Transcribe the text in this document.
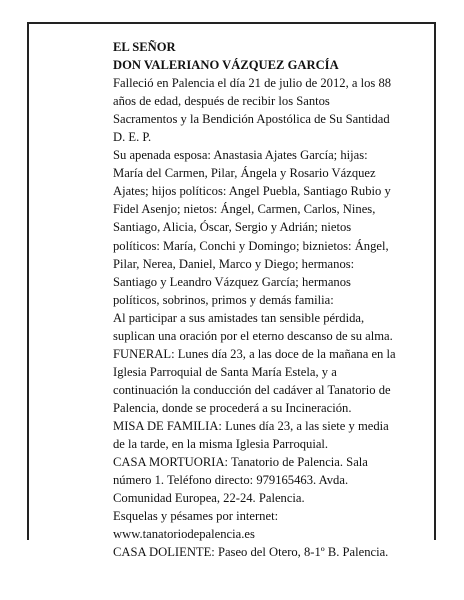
EL SEÑOR
DON VALERIANO VÁZQUEZ GARCÍA
Falleció en Palencia el día 21 de julio de 2012, a los 88
años de edad, después de recibir los Santos
Sacramentos y la Bendición Apostólica de Su Santidad
D. E. P.
Su apenada esposa: Anastasia Ajates García; hijas:
María del Carmen, Pilar, Ángela y Rosario Vázquez
Ajates; hijos políticos: Angel Puebla, Santiago Rubio y
Fidel Asenjo; nietos: Ángel, Carmen, Carlos, Nines,
Santiago, Alicia, Óscar, Sergio y Adrián; nietos
políticos: María, Conchi y Domingo; biznietos: Ángel,
Pilar, Nerea, Daniel, Marco y Diego; hermanos:
Santiago y Leandro Vázquez García; hermanos
políticos, sobrinos, primos y demás familia:
Al participar a sus amistades tan sensible pérdida,
suplican una oración por el eterno descanso de su alma.
FUNERAL: Lunes día 23, a las doce de la mañana en la
Iglesia Parroquial de Santa María Estela, y a
continuación la conducción del cadáver al Tanatorio de
Palencia, donde se procederá a su Incineración.
MISA DE FAMILIA: Lunes día 23, a las siete y media
de la tarde, en la misma Iglesia Parroquial.
CASA MORTUORIA: Tanatorio de Palencia. Sala
número 1. Teléfono directo: 979165463. Avda.
Comunidad Europea, 22-24. Palencia.
Esquelas y pésames por internet:
www.tanatoriodepalencia.es
CASA DOLIENTE: Paseo del Otero, 8-1º B. Palencia.
